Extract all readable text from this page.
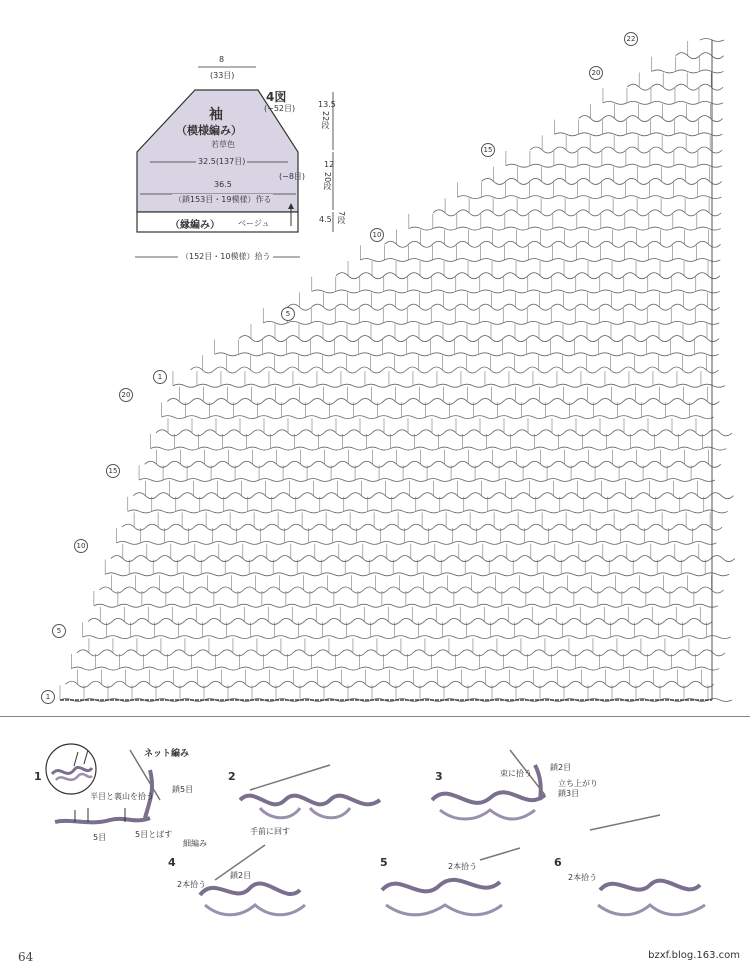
8
(33目)
袖
（模様編み）
若草色
32.5(137目)
36.5
（鎖153目・19模様）作る
（縁編み） ベージュ
4図
(−52目)	13.5
22段
12
20段
(−8目)
4.5 7段
（152目・10模様）拾う
22
20
15
10
5
1
20
15
10
5
1
ネット編み
1
半目と裏山を拾う
鎖5目
5目	5目とばす
細編み
2
手前に回す
3	束に拾う
鎖2目
立ち上がり
鎖3目
4
鎖2目
2本拾う
5	2本拾う	6
2本拾う
64	bzxf.blog.163.com
